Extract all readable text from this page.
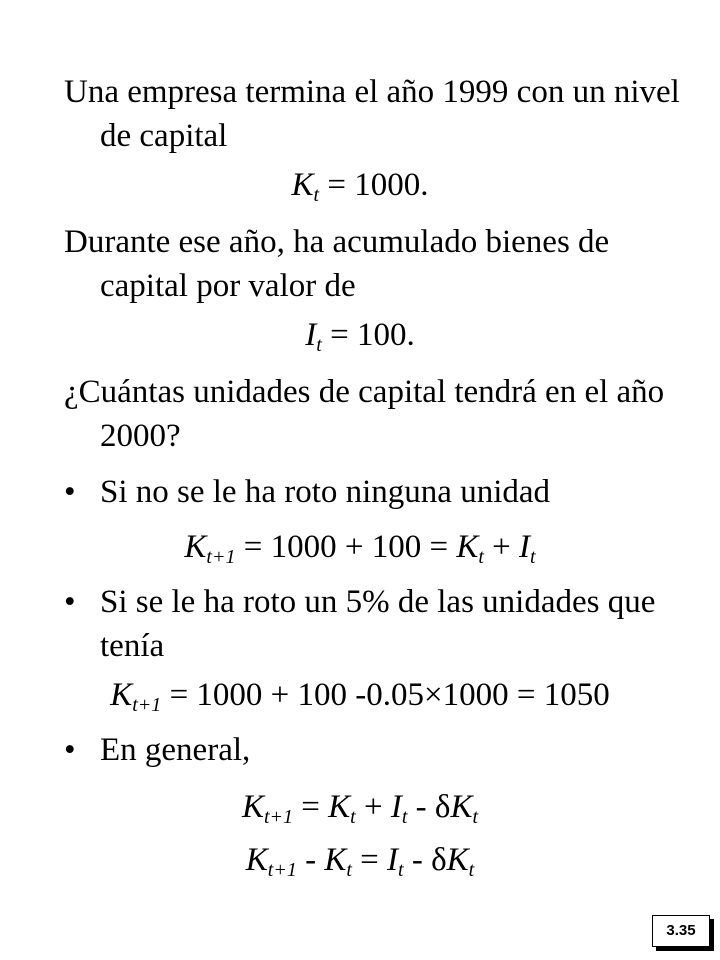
Una empresa termina el año 1999 con un nivel de capital

$K_t = 1000$.

Durante ese año, ha acumulado bienes de capital por valor de

$I_t = 100$.

¿Cuántas unidades de capital tendrá en el año 2000?

• Si no se le ha roto ninguna unidad

$K_{t+1} = 1000 + 100 = K_t + I_t$

• Si se le ha roto un 5% de las unidades que tenía

$K_{t+1} = 1000 + 100$ -0.05×1000 = 1050

• En general,

$K_{t+1} = K_t + I_t - \delta K_t$

$K_{t+1} - K_t = I_t - \delta K_t$

3.35
